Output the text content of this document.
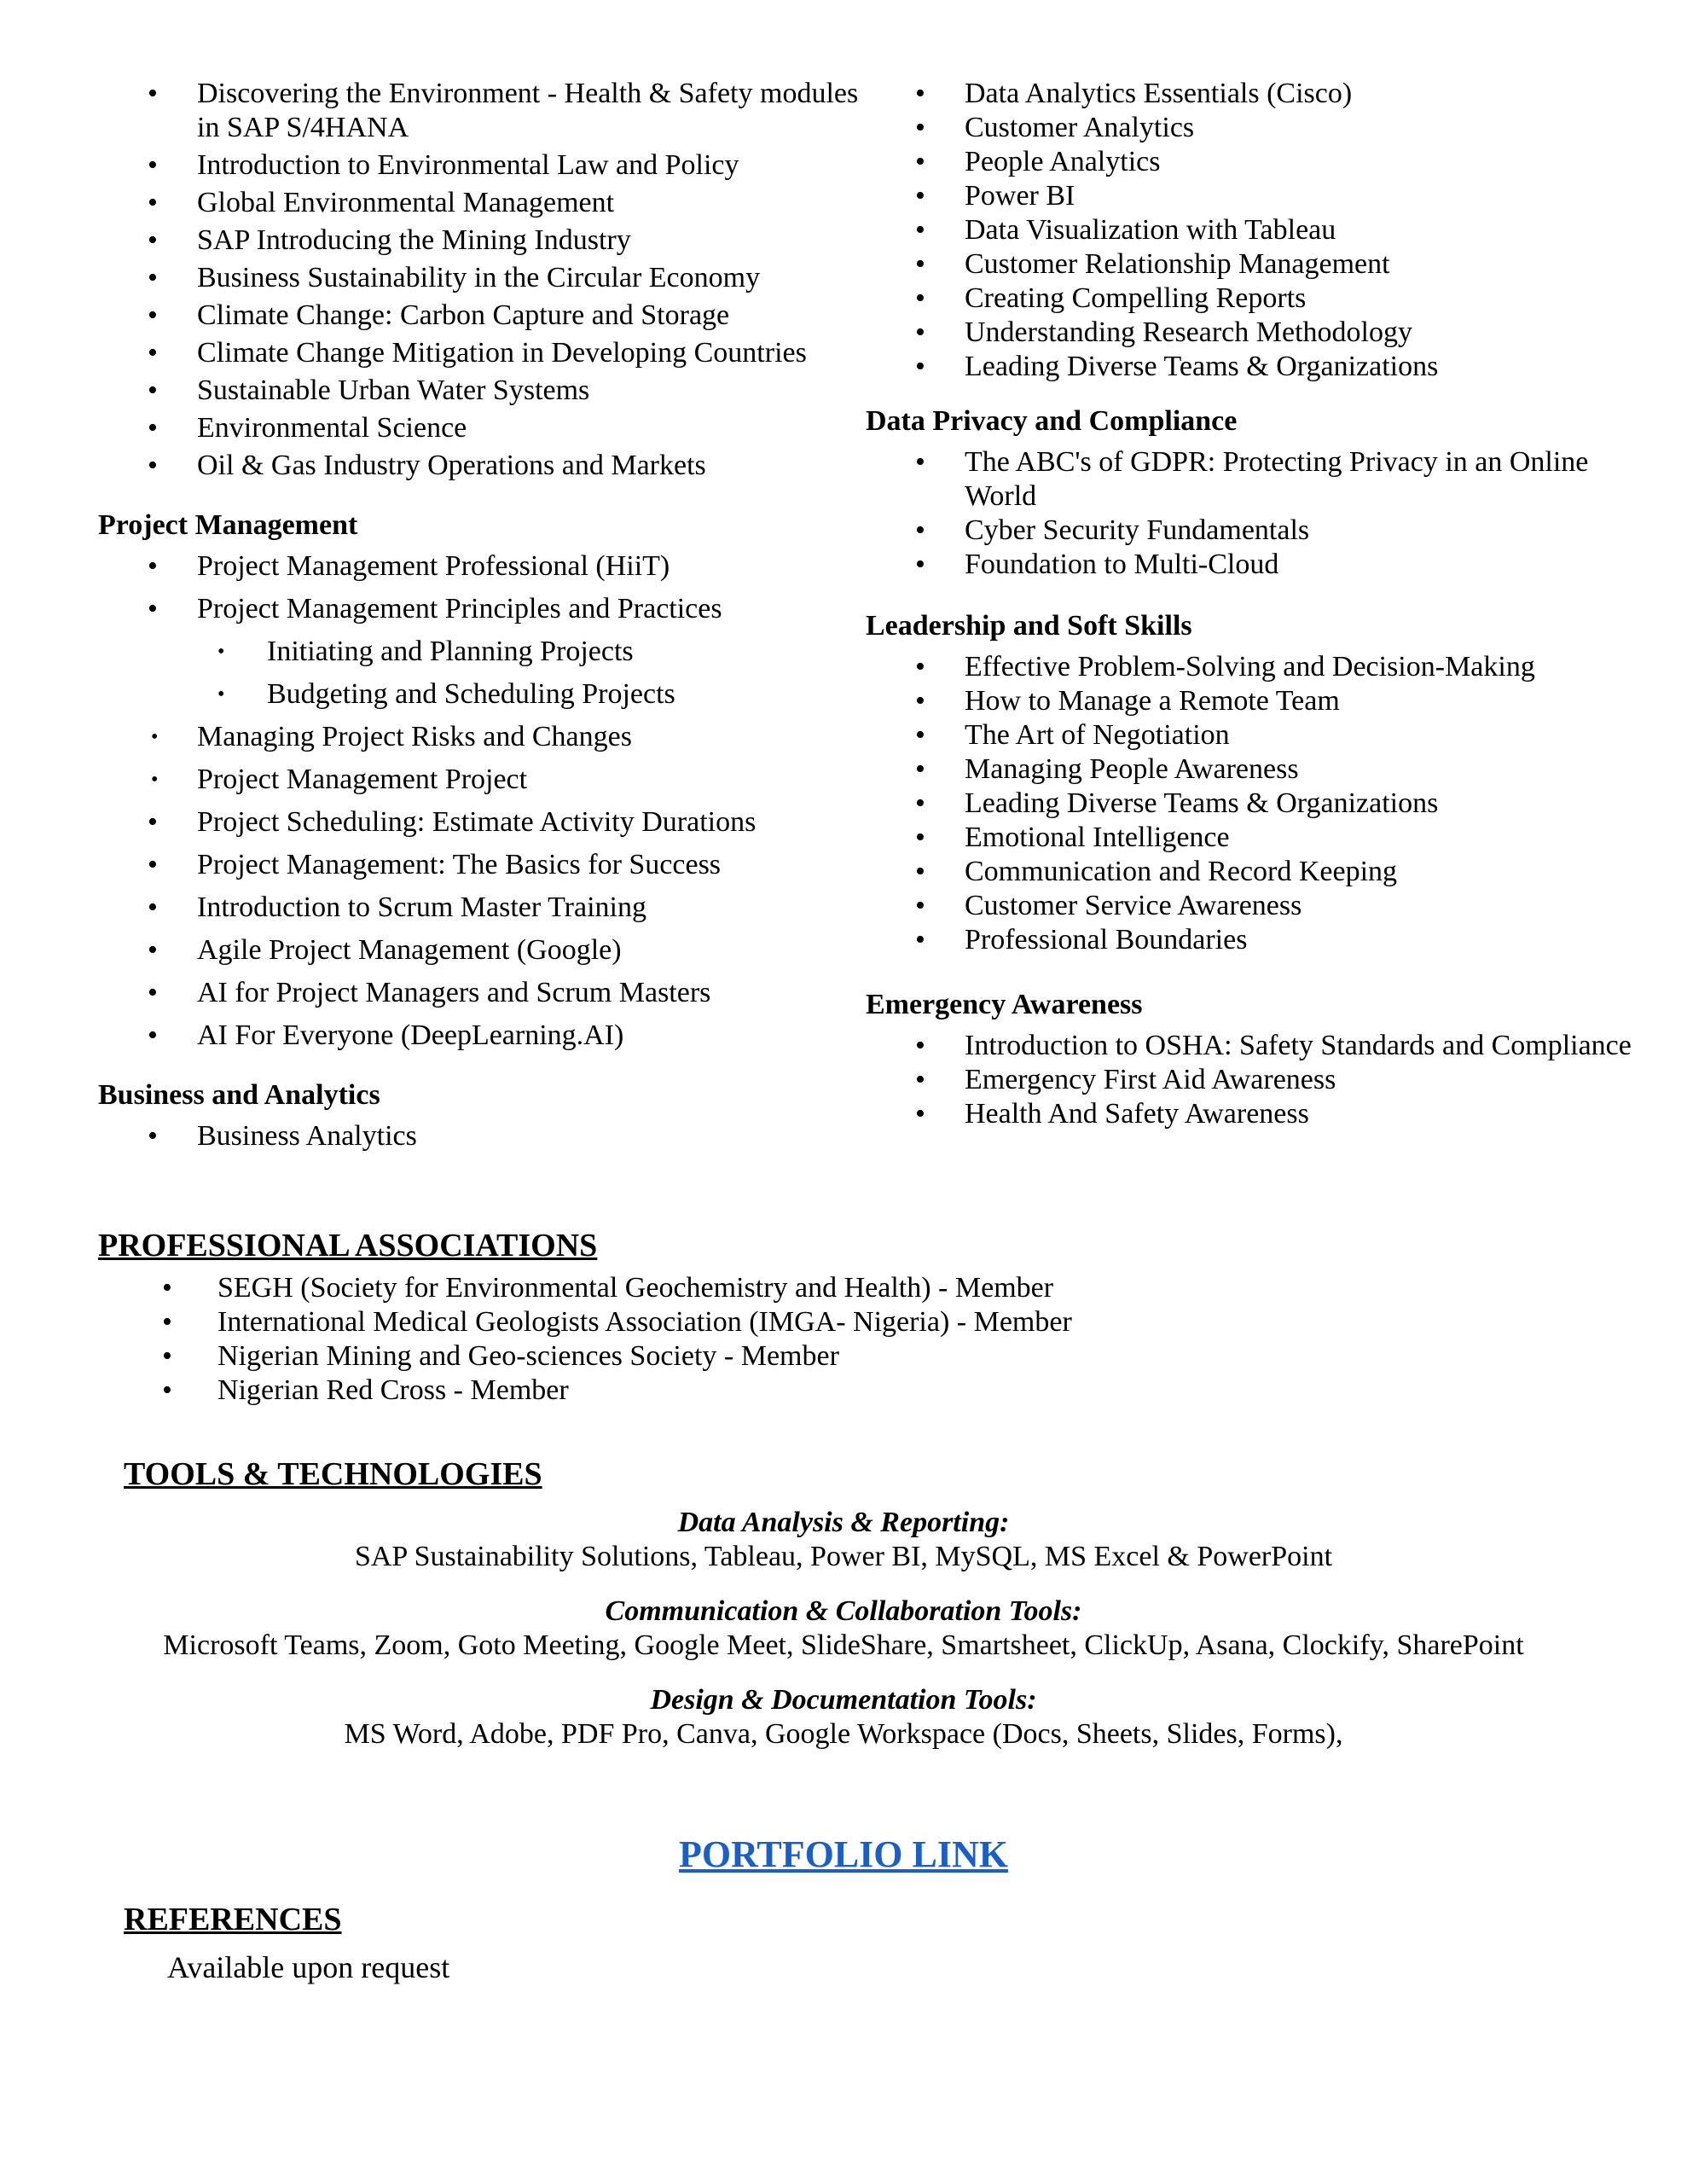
• Discovering the Environment - Health & Safety modules in SAP S/4HANA
• Introduction to Environmental Law and Policy
• Global Environmental Management
• SAP Introducing the Mining Industry
• Business Sustainability in the Circular Economy
• Climate Change: Carbon Capture and Storage
• Climate Change Mitigation in Developing Countries
• Sustainable Urban Water Systems
• Environmental Science
• Oil & Gas Industry Operations and Markets
Project Management
• Project Management Professional (HiiT)
• Project Management Principles and Practices
• Initiating and Planning Projects
• Budgeting and Scheduling Projects
• Managing Project Risks and Changes
• Project Management Project
• Project Scheduling: Estimate Activity Durations
• Project Management: The Basics for Success
• Introduction to Scrum Master Training
• Agile Project Management (Google)
• AI for Project Managers and Scrum Masters
• AI For Everyone (DeepLearning.AI)
Business and Analytics
• Business Analytics
• Data Analytics Essentials (Cisco)
• Customer Analytics
• People Analytics
• Power BI
• Data Visualization with Tableau
• Customer Relationship Management
• Creating Compelling Reports
• Understanding Research Methodology
• Leading Diverse Teams & Organizations
Data Privacy and Compliance
• The ABC's of GDPR: Protecting Privacy in an Online World
• Cyber Security Fundamentals
• Foundation to Multi-Cloud
Leadership and Soft Skills
• Effective Problem-Solving and Decision-Making
• How to Manage a Remote Team
• The Art of Negotiation
• Managing People Awareness
• Leading Diverse Teams & Organizations
• Emotional Intelligence
• Communication and Record Keeping
• Customer Service Awareness
• Professional Boundaries
Emergency Awareness
• Introduction to OSHA: Safety Standards and Compliance
• Emergency First Aid Awareness
• Health And Safety Awareness
PROFESSIONAL ASSOCIATIONS
• SEGH (Society for Environmental Geochemistry and Health) - Member
• International Medical Geologists Association (IMGA- Nigeria) - Member
• Nigerian Mining and Geo-sciences Society - Member
• Nigerian Red Cross - Member
TOOLS & TECHNOLOGIES
Data Analysis & Reporting:
SAP Sustainability Solutions, Tableau, Power BI, MySQL, MS Excel & PowerPoint
Communication & Collaboration Tools:
Microsoft Teams, Zoom, Goto Meeting, Google Meet, SlideShare, Smartsheet, ClickUp, Asana, Clockify, SharePoint
Design & Documentation Tools:
MS Word, Adobe, PDF Pro, Canva, Google Workspace (Docs, Sheets, Slides, Forms),
PORTFOLIO LINK
REFERENCES
Available upon request
